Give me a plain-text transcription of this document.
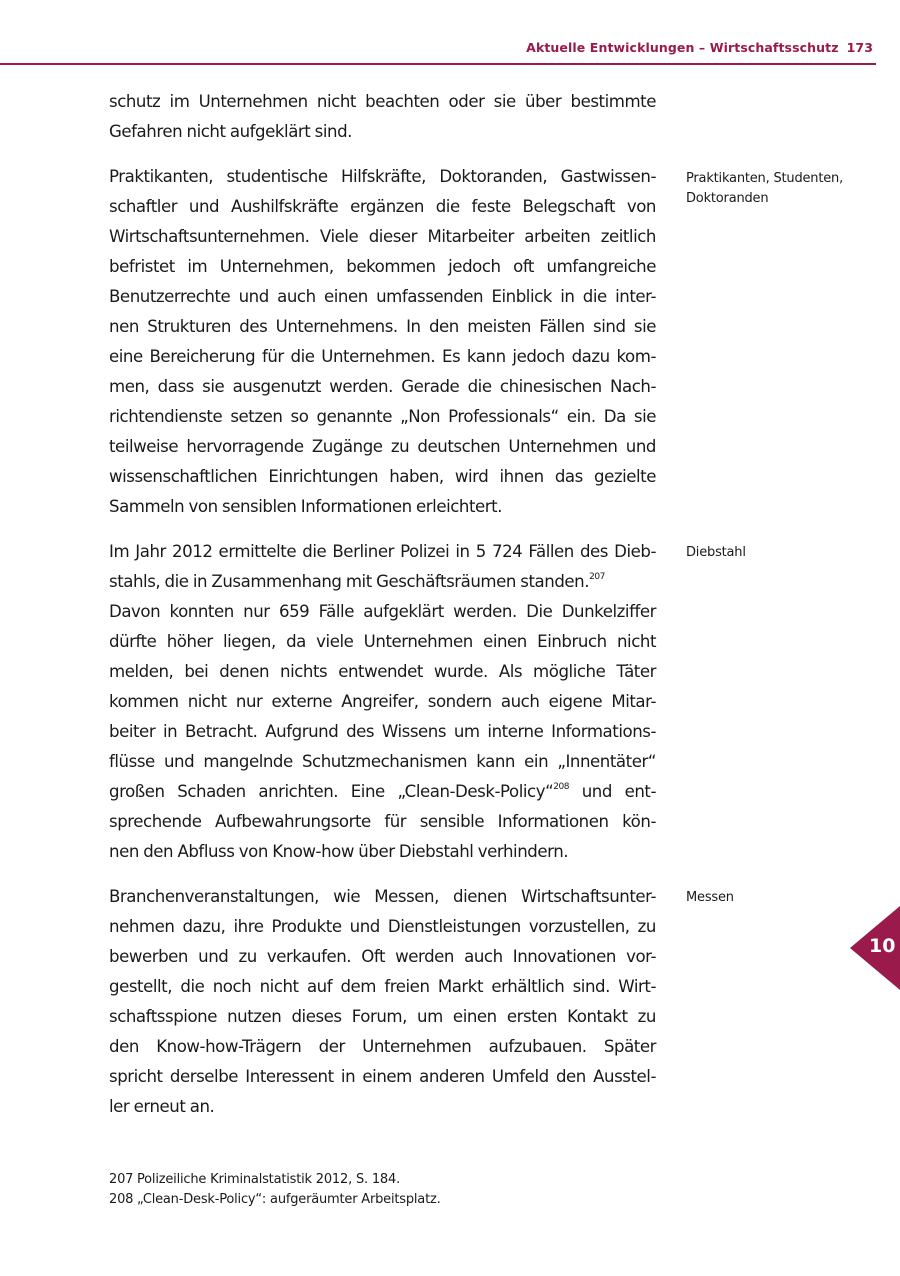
Aktuelle Entwicklungen – Wirtschaftsschutz 173
schutz im Unternehmen nicht beachten oder sie über bestimmte
Gefahren nicht aufgeklärt sind.
Praktikanten, studentische Hilfskräfte, Doktoranden, Gastwissen-
schaftler und Aushilfskräfte ergänzen die feste Belegschaft von
Wirtschaftsunternehmen. Viele dieser Mitarbeiter arbeiten zeitlich
befristet im Unternehmen, bekommen jedoch oft umfangreiche
Benutzerrechte und auch einen umfassenden Einblick in die inter-
nen Strukturen des Unternehmens. In den meisten Fällen sind sie
eine Bereicherung für die Unternehmen. Es kann jedoch dazu kom-
men, dass sie ausgenutzt werden. Gerade die chinesischen Nach-
richtendienste setzen so genannte „Non Professionals“ ein. Da sie
teilweise hervorragende Zugänge zu deutschen Unternehmen und
wissenschaftlichen Einrichtungen haben, wird ihnen das gezielte
Sammeln von sensiblen Informationen erleichtert.
Im Jahr 2012 ermittelte die Berliner Polizei in 5 724 Fällen des Dieb-
stahls, die in Zusammenhang mit Geschäftsräumen standen.$^{207}$
Davon konnten nur 659 Fälle aufgeklärt werden. Die Dunkelziffer
dürfte höher liegen, da viele Unternehmen einen Einbruch nicht
melden, bei denen nichts entwendet wurde. Als mögliche Täter
kommen nicht nur externe Angreifer, sondern auch eigene Mitar-
beiter in Betracht. Aufgrund des Wissens um interne Informations-
flüsse und mangelnde Schutzmechanismen kann ein „Innentäter“
großen Schaden anrichten. Eine „Clean-Desk-Policy“$^{208}$ und ent-
sprechende Aufbewahrungsorte für sensible Informationen kön-
nen den Abfluss von Know-how über Diebstahl verhindern.
Branchenveranstaltungen, wie Messen, dienen Wirtschaftsunter-
nehmen dazu, ihre Produkte und Dienstleistungen vorzustellen, zu
bewerben und zu verkaufen. Oft werden auch Innovationen vor-
gestellt, die noch nicht auf dem freien Markt erhältlich sind. Wirt-
schaftsspione nutzen dieses Forum, um einen ersten Kontakt zu
den Know-how-Trägern der Unternehmen aufzubauen. Später
spricht derselbe Interessent in einem anderen Umfeld den Ausstel-
ler erneut an.
Praktikanten, Studenten,
Doktoranden
Diebstahl
Messen
10
207 Polizeiliche Kriminalstatistik 2012, S. 184.
208 „Clean-Desk-Policy“: aufgeräumter Arbeitsplatz.
